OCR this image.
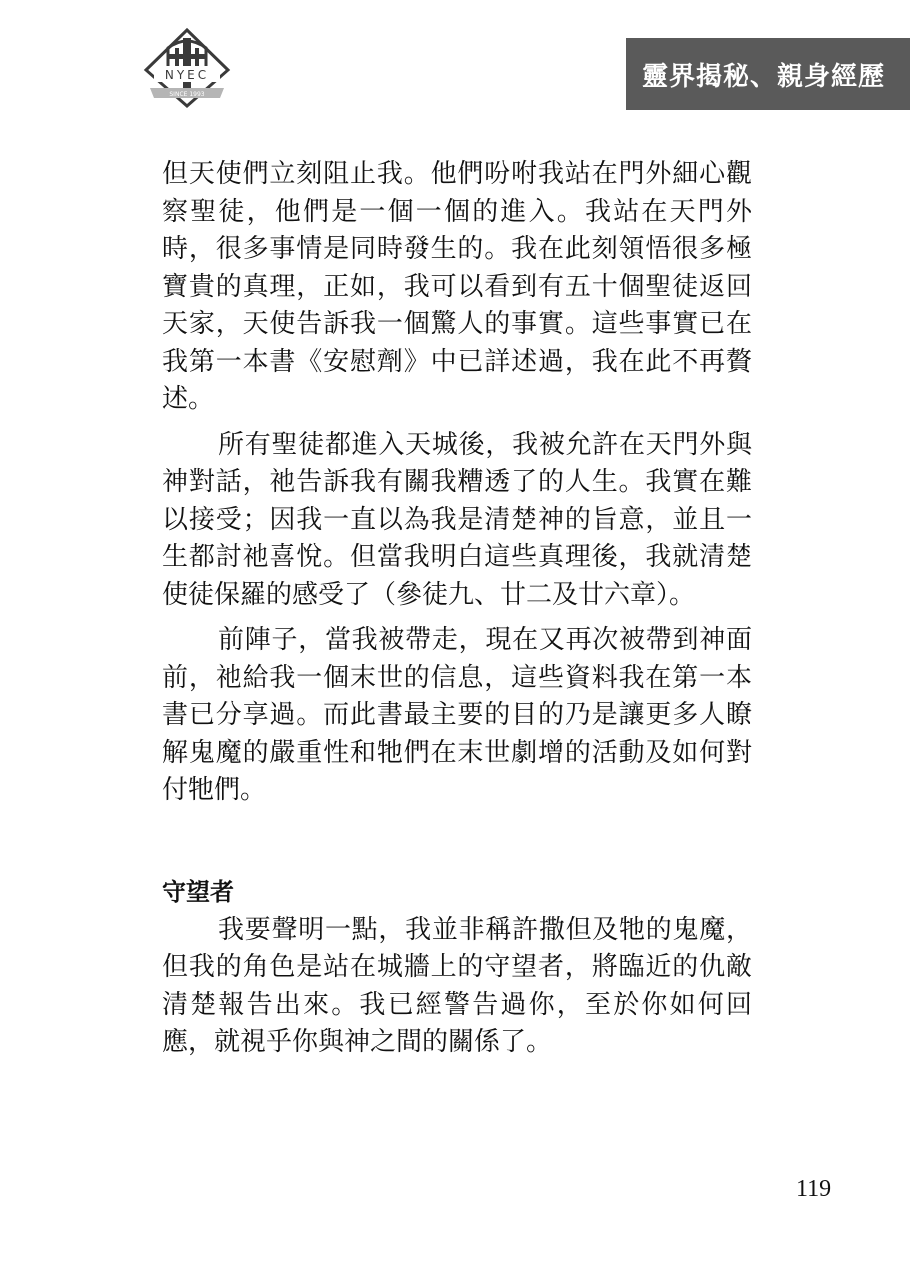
NYEC
SINCE 1993
靈界揭秘、親身經歷

但天使們立刻阻止我。他們吩咐我站在門外細心觀察聖徒，他們是一個一個的進入。我站在天門外時，很多事情是同時發生的。我在此刻領悟很多極寶貴的真理，正如，我可以看到有五十個聖徒返回天家，天使告訴我一個驚人的事實。這些事實已在我第一本書《安慰劑》中已詳述過，我在此不再贅述。

所有聖徒都進入天城後，我被允許在天門外與神對話，祂告訴我有關我糟透了的人生。我實在難以接受；因我一直以為我是清楚神的旨意，並且一生都討祂喜悅。但當我明白這些真理後，我就清楚使徒保羅的感受了（參徒九、廿二及廿六章）。

前陣子，當我被帶走，現在又再次被帶到神面前，祂給我一個末世的信息，這些資料我在第一本書已分享過。而此書最主要的目的乃是讓更多人瞭解鬼魔的嚴重性和牠們在末世劇增的活動及如何對付牠們。

守望者

我要聲明一點，我並非稱許撒但及牠的鬼魔，但我的角色是站在城牆上的守望者，將臨近的仇敵清楚報告出來。我已經警告過你，至於你如何回應，就視乎你與神之間的關係了。

119
